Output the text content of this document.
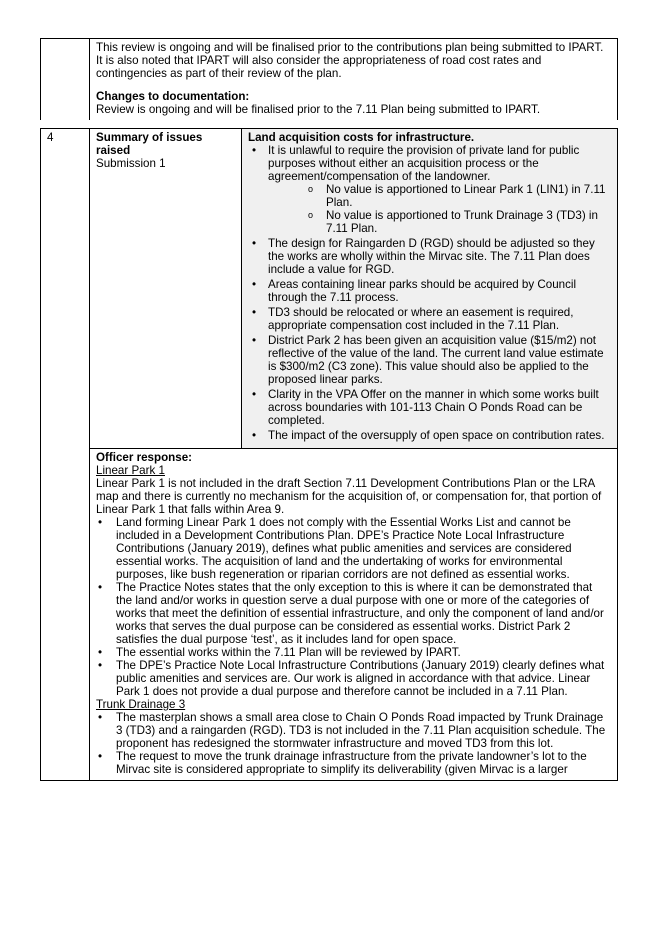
This review is ongoing and will be finalised prior to the contributions plan being submitted to IPART. It is also noted that IPART will also consider the appropriateness of road cost rates and contingencies as part of their review of the plan.

Changes to documentation:

Review is ongoing and will be finalised prior to the 7.11 Plan being submitted to IPART.

4	Summary of issues raised

Submission 1

Land acquisition costs for infrastructure.

• It is unlawful to require the provision of private land for public purposes without either an acquisition process or the agreement/compensation of the landowner.
o No value is apportioned to Linear Park 1 (LIN1) in 7.11 Plan.
o No value is apportioned to Trunk Drainage 3 (TD3) in 7.11 Plan.
• The design for Raingarden D (RGD) should be adjusted so they the works are wholly within the Mirvac site. The 7.11 Plan does include a value for RGD.
• Areas containing linear parks should be acquired by Council through the 7.11 process.
• TD3 should be relocated or where an easement is required, appropriate compensation cost included in the 7.11 Plan.
• District Park 2 has been given an acquisition value ($15/m2) not reflective of the value of the land. The current land value estimate is $300/m2 (C3 zone). This value should also be applied to the proposed linear parks.
• Clarity in the VPA Offer on the manner in which some works built across boundaries with 101-113 Chain O Ponds Road can be completed.
• The impact of the oversupply of open space on contribution rates.

Officer response:

Linear Park 1

Linear Park 1 is not included in the draft Section 7.11 Development Contributions Plan or the LRA map and there is currently no mechanism for the acquisition of, or compensation for, that portion of Linear Park 1 that falls within Area 9.

• Land forming Linear Park 1 does not comply with the Essential Works List and cannot be included in a Development Contributions Plan. DPE’s Practice Note Local Infrastructure Contributions (January 2019), defines what public amenities and services are considered essential works. The acquisition of land and the undertaking of works for environmental purposes, like bush regeneration or riparian corridors are not defined as essential works.
• The Practice Notes states that the only exception to this is where it can be demonstrated that the land and/or works in question serve a dual purpose with one or more of the categories of works that meet the definition of essential infrastructure, and only the component of land and/or works that serves the dual purpose can be considered as essential works. District Park 2 satisfies the dual purpose ‘test’, as it includes land for open space.
• The essential works within the 7.11 Plan will be reviewed by IPART.
• The DPE’s Practice Note Local Infrastructure Contributions (January 2019) clearly defines what public amenities and services are. Our work is aligned in accordance with that advice. Linear Park 1 does not provide a dual purpose and therefore cannot be included in a 7.11 Plan.

Trunk Drainage 3

• The masterplan shows a small area close to Chain O Ponds Road impacted by Trunk Drainage 3 (TD3) and a raingarden (RGD). TD3 is not included in the 7.11 Plan acquisition schedule. The proponent has redesigned the stormwater infrastructure and moved TD3 from this lot.
• The request to move the trunk drainage infrastructure from the private landowner’s lot to the Mirvac site is considered appropriate to simplify its deliverability (given Mirvac is a larger
